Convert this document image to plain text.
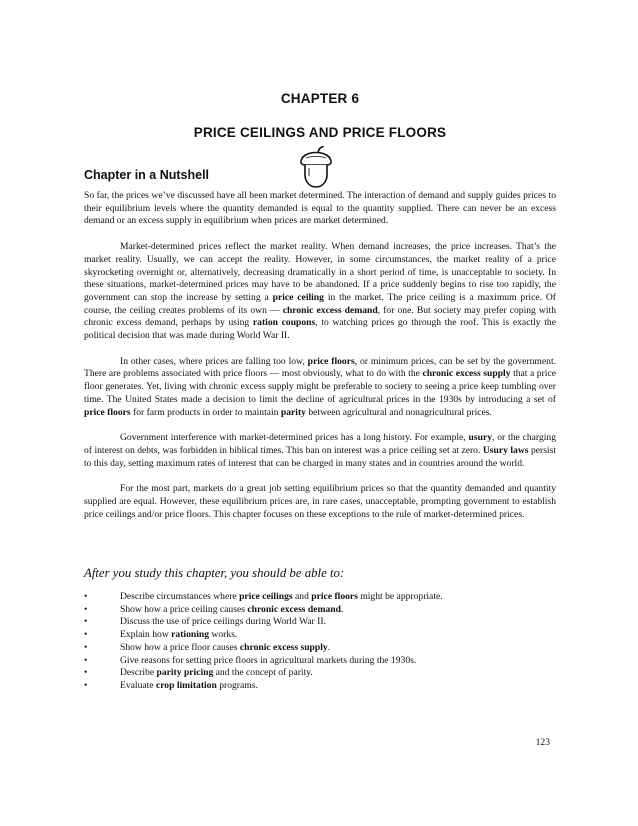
CHAPTER 6
PRICE CEILINGS AND PRICE FLOORS
Chapter in a Nutshell

So far, the prices we’ve discussed have all been market determined. The interaction of demand and supply guides prices to their equilibrium levels where the quantity demanded is equal to the quantity supplied. There can never be an excess demand or an excess supply in equilibrium when prices are market determined.

Market-determined prices reflect the market reality. When demand increases, the price increases. That’s the market reality. Usually, we can accept the reality. However, in some circumstances, the market reality of a price skyrocketing overnight or, alternatively, decreasing dramatically in a short period of time, is unacceptable to society. In these situations, market-determined prices may have to be abandoned. If a price suddenly begins to rise too rapidly, the government can stop the increase by setting a price ceiling in the market. The price ceiling is a maximum price. Of course, the ceiling creates problems of its own — chronic excess demand, for one. But society may prefer coping with chronic excess demand, perhaps by using ration coupons, to watching prices go through the roof. This is exactly the political decision that was made during World War II.

In other cases, where prices are falling too low, price floors, or minimum prices, can be set by the government. There are problems associated with price floors — most obviously, what to do with the chronic excess supply that a price floor generates. Yet, living with chronic excess supply might be preferable to society to seeing a price keep tumbling over time. The United States made a decision to limit the decline of agricultural prices in the 1930s by introducing a set of price floors for farm products in order to maintain parity between agricultural and nonagricultural prices.

Government interference with market-determined prices has a long history. For example, usury, or the charging of interest on debts, was forbidden in biblical times. This ban on interest was a price ceiling set at zero. Usury laws persist to this day, setting maximum rates of interest that can be charged in many states and in countries around the world.

For the most part, markets do a great job setting equilibrium prices so that the quantity demanded and quantity supplied are equal. However, these equilibrium prices are, in rare cases, unacceptable, prompting government to establish price ceilings and/or price floors. This chapter focuses on these exceptions to the rule of market-determined prices.

After you study this chapter, you should be able to:
•	Describe circumstances where price ceilings and price floors might be appropriate.
•	Show how a price ceiling causes chronic excess demand.
•	Discuss the use of price ceilings during World War II.
•	Explain how rationing works.
•	Show how a price floor causes chronic excess supply.
•	Give reasons for setting price floors in agricultural markets during the 1930s.
•	Describe parity pricing and the concept of parity.
•	Evaluate crop limitation programs.
123
